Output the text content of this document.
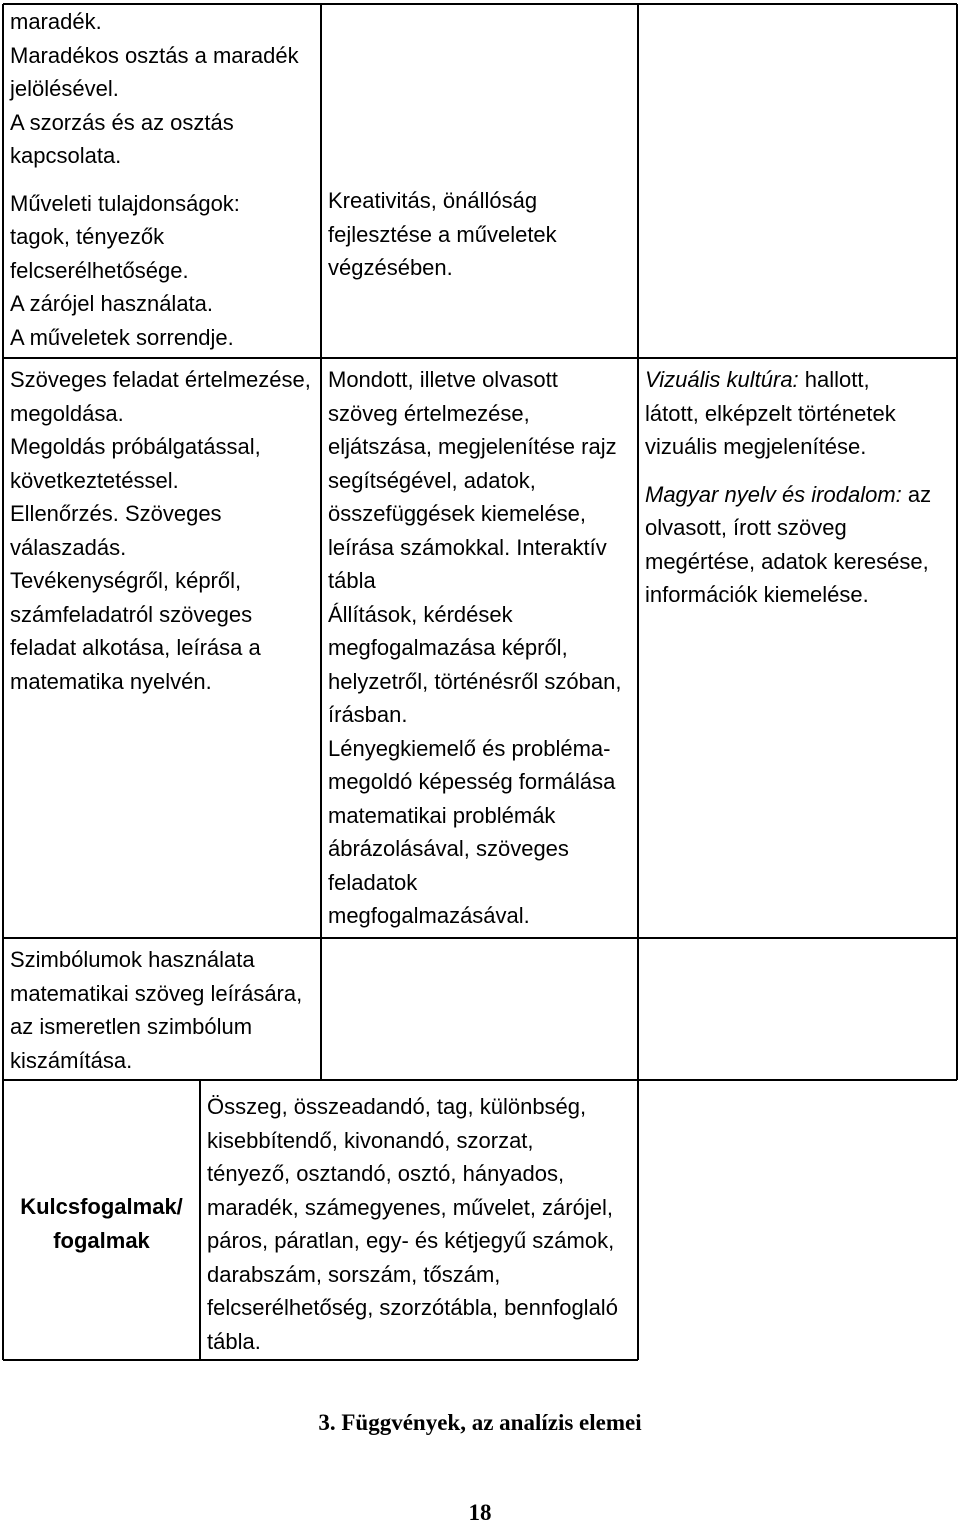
maradék.
Maradékos osztás a maradék
jelölésével.
A szorzás és az osztás
kapcsolata.
Műveleti tulajdonságok:
tagok, tényezők
felcserélhetősége.
A zárójel használata.
A műveletek sorrendje.
Kreativitás, önállóság
fejlesztése a műveletek
végzésében.
Szöveges feladat értelmezése,
megoldása.
Megoldás próbálgatással,
következtetéssel.
Ellenőrzés. Szöveges
válaszadás.
Tevékenységről, képről,
számfeladatról szöveges
feladat alkotása, leírása a
matematika nyelvén.
Mondott, illetve olvasott
szöveg értelmezése,
eljátszása, megjelenítése rajz
segítségével, adatok,
összefüggések kiemelése,
leírása számokkal. Interaktív
tábla
Állítások, kérdések
megfogalmazása képről,
helyzetről, történésről szóban,
írásban.
Lényegkiemelő és probléma-
megoldó képesség formálása
matematikai problémák
ábrázolásával, szöveges
feladatok
megfogalmazásával.
Vizuális kultúra: hallott,
látott, elképzelt történetek
vizuális megjelenítése.
Magyar nyelv és irodalom: az
olvasott, írott szöveg
megértése, adatok keresése,
információk kiemelése.
Szimbólumok használata
matematikai szöveg leírására,
az ismeretlen szimbólum
kiszámítása.
Kulcsfogalmak/
fogalmak
Összeg, összeadandó, tag, különbség,
kisebbítendő, kivonandó, szorzat,
tényező, osztandó, osztó, hányados,
maradék, számegyenes, művelet, zárójel,
páros, páratlan, egy- és kétjegyű számok,
darabszám, sorszám, tőszám,
felcserélhetőség, szorzótábla, bennfoglaló
tábla.
3. Függvények, az analízis elemei
18
